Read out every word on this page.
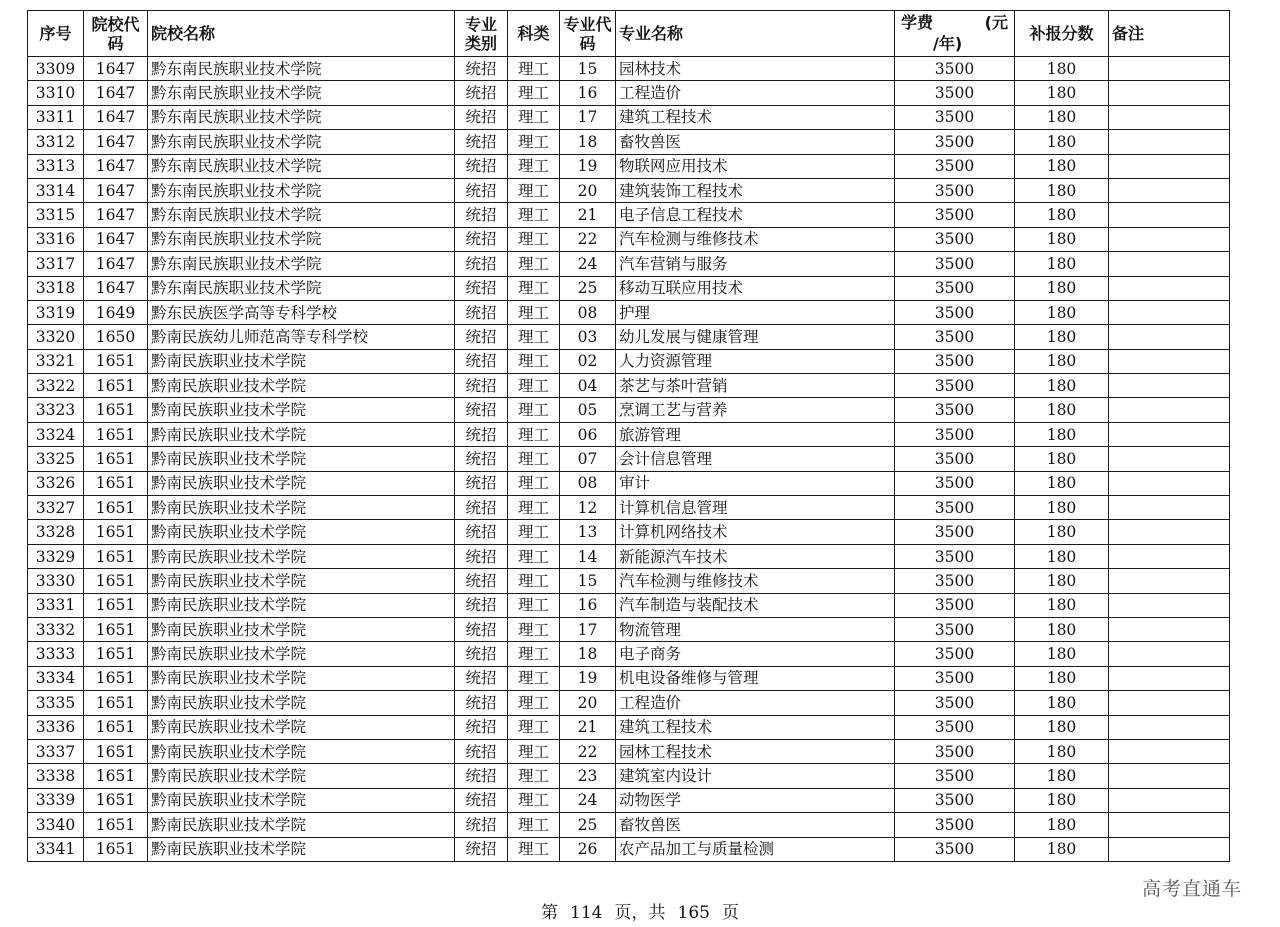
序号	院校代码	院校名称	专业类别	科类	专业代码	专业名称	学费 (元
/年)	补报分数	备注
3309	1647	黔东南民族职业技术学院	统招	理工	15	园林技术	3500	180	
3310	1647	黔东南民族职业技术学院	统招	理工	16	工程造价	3500	180	
3311	1647	黔东南民族职业技术学院	统招	理工	17	建筑工程技术	3500	180	
3312	1647	黔东南民族职业技术学院	统招	理工	18	畜牧兽医	3500	180	
3313	1647	黔东南民族职业技术学院	统招	理工	19	物联网应用技术	3500	180	
3314	1647	黔东南民族职业技术学院	统招	理工	20	建筑装饰工程技术	3500	180	
3315	1647	黔东南民族职业技术学院	统招	理工	21	电子信息工程技术	3500	180	
3316	1647	黔东南民族职业技术学院	统招	理工	22	汽车检测与维修技术	3500	180	
3317	1647	黔东南民族职业技术学院	统招	理工	24	汽车营销与服务	3500	180	
3318	1647	黔东南民族职业技术学院	统招	理工	25	移动互联应用技术	3500	180	
3319	1649	黔东民族医学高等专科学校	统招	理工	08	护理	3500	180	
3320	1650	黔南民族幼儿师范高等专科学校	统招	理工	03	幼儿发展与健康管理	3500	180	
3321	1651	黔南民族职业技术学院	统招	理工	02	人力资源管理	3500	180	
3322	1651	黔南民族职业技术学院	统招	理工	04	茶艺与茶叶营销	3500	180	
3323	1651	黔南民族职业技术学院	统招	理工	05	烹调工艺与营养	3500	180	
3324	1651	黔南民族职业技术学院	统招	理工	06	旅游管理	3500	180	
3325	1651	黔南民族职业技术学院	统招	理工	07	会计信息管理	3500	180	
3326	1651	黔南民族职业技术学院	统招	理工	08	审计	3500	180	
3327	1651	黔南民族职业技术学院	统招	理工	12	计算机信息管理	3500	180	
3328	1651	黔南民族职业技术学院	统招	理工	13	计算机网络技术	3500	180	
3329	1651	黔南民族职业技术学院	统招	理工	14	新能源汽车技术	3500	180	
3330	1651	黔南民族职业技术学院	统招	理工	15	汽车检测与维修技术	3500	180	
3331	1651	黔南民族职业技术学院	统招	理工	16	汽车制造与装配技术	3500	180	
3332	1651	黔南民族职业技术学院	统招	理工	17	物流管理	3500	180	
3333	1651	黔南民族职业技术学院	统招	理工	18	电子商务	3500	180	
3334	1651	黔南民族职业技术学院	统招	理工	19	机电设备维修与管理	3500	180	
3335	1651	黔南民族职业技术学院	统招	理工	20	工程造价	3500	180	
3336	1651	黔南民族职业技术学院	统招	理工	21	建筑工程技术	3500	180	
3337	1651	黔南民族职业技术学院	统招	理工	22	园林工程技术	3500	180	
3338	1651	黔南民族职业技术学院	统招	理工	23	建筑室内设计	3500	180	
3339	1651	黔南民族职业技术学院	统招	理工	24	动物医学	3500	180	
3340	1651	黔南民族职业技术学院	统招	理工	25	畜牧兽医	3500	180	
3341	1651	黔南民族职业技术学院	统招	理工	26	农产品加工与质量检测	3500	180	
高考直通车
第 114 页，共 165 页
